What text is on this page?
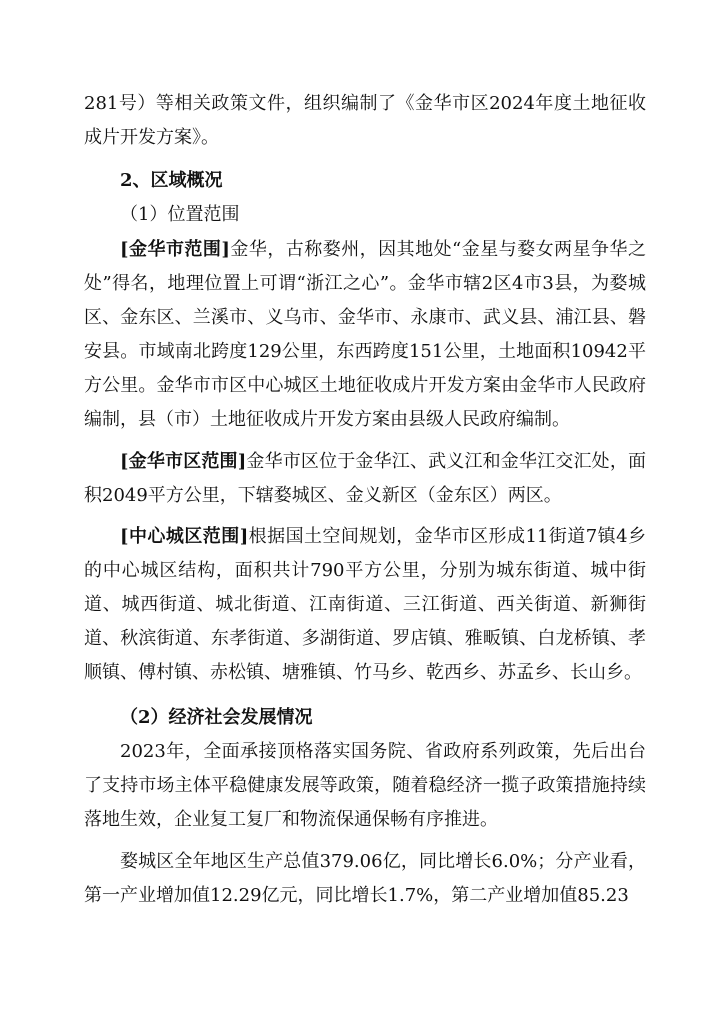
281号）等相关政策文件，组织编制了《金华市区2024年度土地征收成片开发方案》。
2、区域概况
（1）位置范围
[金华市范围]金华，古称婺州，因其地处“金星与婺女两星争华之处”得名，地理位置上可谓“浙江之心”。金华市辖2区4市3县，为婺城区、金东区、兰溪市、义乌市、金华市、永康市、武义县、浦江县、磐安县。市域南北跨度129公里，东西跨度151公里，土地面积10942平方公里。金华市市区中心城区土地征收成片开发方案由金华市人民政府编制，县（市）土地征收成片开发方案由县级人民政府编制。
[金华市区范围]金华市区位于金华江、武义江和金华江交汇处，面积2049平方公里，下辖婺城区、金义新区（金东区）两区。
[中心城区范围]根据国土空间规划，金华市区形成11街道7镇4乡的中心城区结构，面积共计790平方公里，分别为城东街道、城中街道、城西街道、城北街道、江南街道、三江街道、西关街道、新狮街道、秋滨街道、东孝街道、多湖街道、罗店镇、雅畈镇、白龙桥镇、孝顺镇、傅村镇、赤松镇、塘雅镇、竹马乡、乾西乡、苏孟乡、长山乡。
（2）经济社会发展情况
2023年，全面承接顶格落实国务院、省政府系列政策，先后出台了支持市场主体平稳健康发展等政策，随着稳经济一揽子政策措施持续落地生效，企业复工复厂和物流保通保畅有序推进。
婺城区全年地区生产总值379.06亿，同比增长6.0%；分产业看，第一产业增加值12.29亿元，同比增长1.7%，第二产业增加值85.23
